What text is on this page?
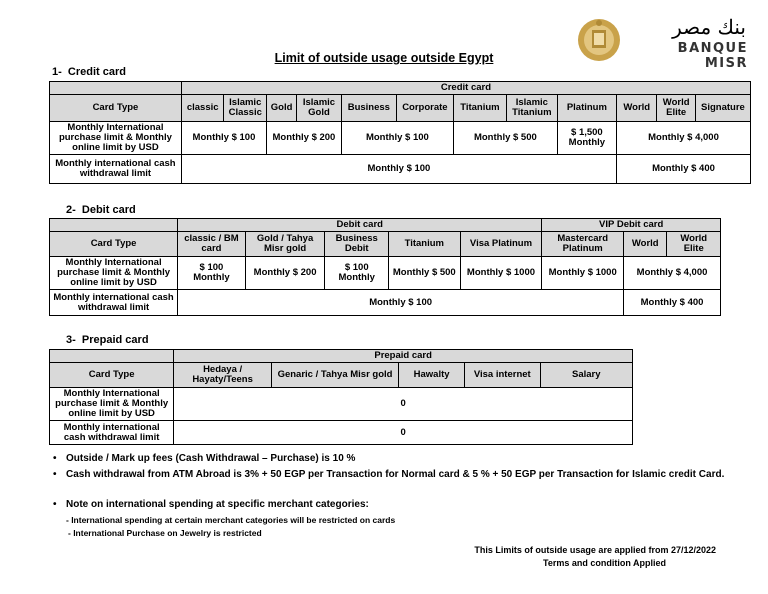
بنك مصر
BANQUE MISR
Limit of outside usage outside Egypt
1- Credit card
	Credit card											
Card Type	classic	Islamic Classic	Gold	Islamic Gold	Business	Corporate	Titanium	Islamic Titanium	Platinum	World	World Elite	Signature
Monthly International purchase limit & Monthly online limit by USD	Monthly $ 100		Monthly $ 200		Monthly $ 100		Monthly $ 500		$ 1,500 Monthly	Monthly $ 4,000		
Monthly international cash withdrawal limit	Monthly $ 100									Monthly $ 400		
2- Debit card
	Debit card					VIP Debit card		
Card Type	classic / BM card	Gold / Tahya Misr gold	Business Debit	Titanium	Visa Platinum	Mastercard Platinum	World	World Elite
Monthly International purchase limit & Monthly online limit by USD	$ 100 Monthly	Monthly $ 200	$ 100 Monthly	Monthly $ 500	Monthly $ 1000	Monthly $ 1000	Monthly $ 4,000	
Monthly international cash withdrawal limit	Monthly $ 100						Monthly $ 400	
3- Prepaid card
	Prepaid card				
Card Type	Hedaya / Hayaty/Teens	Genaric / Tahya Misr gold	Hawalty	Visa internet	Salary
Monthly International purchase limit & Monthly online limit by USD	0				
Monthly international cash withdrawal limit	0				
• Outside / Mark up fees (Cash Withdrawal – Purchase) is 10 %
• Cash withdrawal from ATM Abroad is 3% + 50 EGP per Transaction for Normal card & 5 % + 50 EGP per Transaction for Islamic credit Card.
• Note on international spending at specific merchant categories:
- International spending at certain merchant categories will be restricted on cards
- International Purchase on Jewelry is restricted
This Limits of outside usage are applied from 27/12/2022
Terms and condition Applied
